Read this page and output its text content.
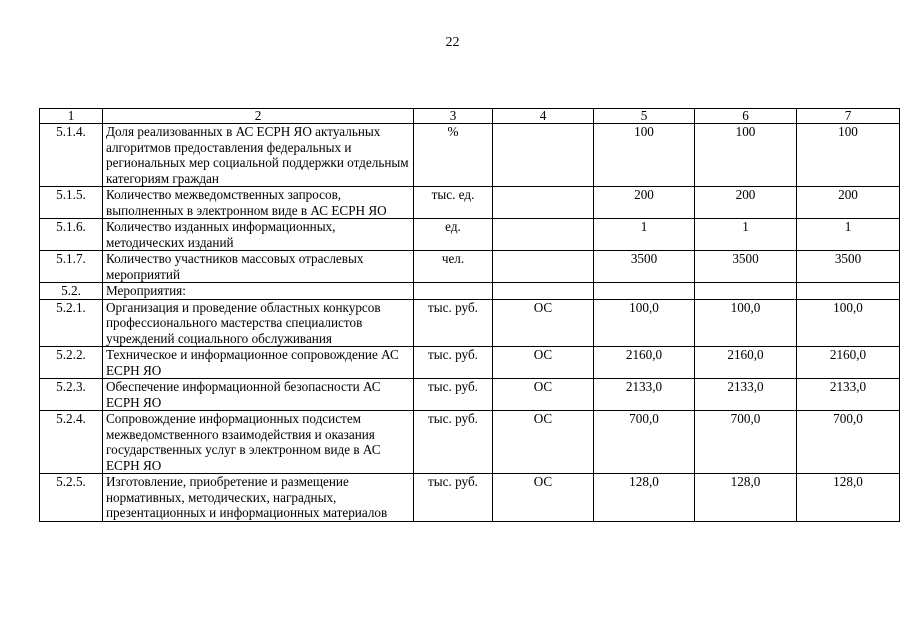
22
1	2	3	4	5	6	7
5.1.4.	Доля реализованных в АС ЕСРН ЯО актуальных алгоритмов предоставления федеральных и региональных мер социальной поддержки отдельным категориям граждан	%		100	100	100
5.1.5.	Количество межведомственных запросов, выполненных в электронном виде в АС ЕСРН ЯО	тыс. ед.		200	200	200
5.1.6.	Количество изданных информационных, методических изданий	ед.		1	1	1
5.1.7.	Количество участников массовых отраслевых мероприятий	чел.		3500	3500	3500
5.2.	Мероприятия:					
5.2.1.	Организация и проведение областных конкурсов профессионального мастерства специалистов учреждений социального обслуживания	тыс. руб.	ОС	100,0	100,0	100,0
5.2.2.	Техническое и информационное сопровождение АС ЕСРН ЯО	тыс. руб.	ОС	2160,0	2160,0	2160,0
5.2.3.	Обеспечение информационной безопасности АС ЕСРН ЯО	тыс. руб.	ОС	2133,0	2133,0	2133,0
5.2.4.	Сопровождение информационных подсистем межведомственного взаимодействия и оказания государственных услуг в электронном виде в АС ЕСРН ЯО	тыс. руб.	ОС	700,0	700,0	700,0
5.2.5.	Изготовление, приобретение и размещение нормативных, методических, наградных, презентационных и информационных материалов	тыс. руб.	ОС	128,0	128,0	128,0
